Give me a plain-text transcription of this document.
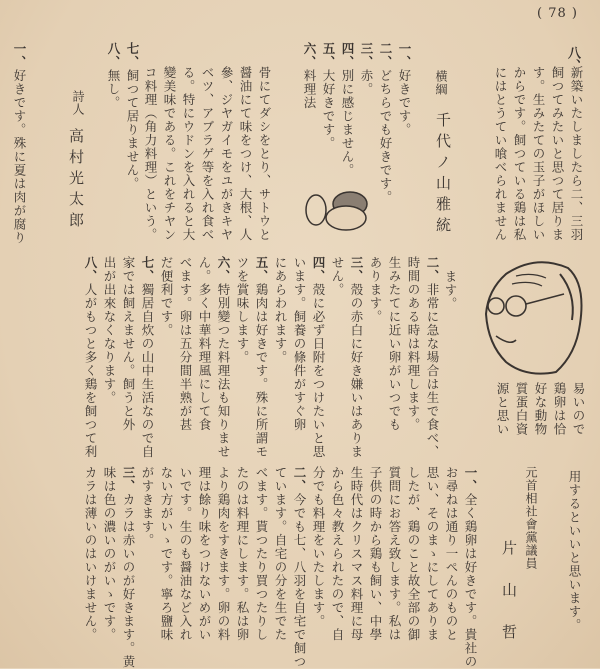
( 78 )
八、
新築いたしましたら二、三羽
飼つてみたいと思つて居りま
す。生みたての玉子がほしい
からです。飼つている鶏は私
にはとうてい喰べられません
横綱
千代ノ山雅統
一、好きです。
二、どちらでも好きです。
三、赤。
四、別に感じません。
五、大好きです。
六、料理法
骨にてダシをとり、サトウと
醤油にて味をつけ、大根、人
參、ジヤガイモをユがきキヤ
ベツ、アブラゲ等を入れ食べ
る。特にウドンを入れると大
變美味である。これをチヤン
コ料理（角力料理）という。
七、飼つて居りません。
八、無し。
詩人
高村光太郎
一、好きです。殊に夏は肉が腐り
易いので
鶏卵は恰
好な動物
質蛋白資
源と思い
ます。
二、非常に急な場合は生で食べ、
時間のある時は料理します。
生みたてに近い卵がいつでも
あります。
三、殼の赤白に好き嫌いはありま
せん。
四、殼に必ず日附をつけたいと思
います。飼養の條件がすぐ卵
にあらわれます。
五、鶏肉は好きです。殊に所謂モ
ツを賞味します。
六、特別變つた料理法も知りませ
ん。多く中華料理風にして食
べます。卵は五分間半熟が甚
だ便利です。
七、獨居自炊の山中生活なので自
家では飼えません。飼うと外
出が出來なくなります。
八、人がもつと多く鶏を飼つて利
用するといいと思います。
元首相社會黨議員
片　山　哲
一、全く鶏卵は好きです。貴社の
お尋ねは通り一ぺんのものと
思い、そのまゝにしてありま
したが、鶏のこと故全部の御
質問にお答え致します。私は
子供の時から鶏も飼い、中學
生時代はクリスマス料理に母
から色々教えられたので、自
分でも料理をいたします。
二、今でも七、八羽を自宅で飼つ
ています。自宅の分を生でた
べます。貰つたり買つたりし
たのは料理にします。私は卵
より鶏肉をすきます。卵の料
理は餘り味をつけないめがい
いです。生のも醤油など入れ
ない方がいゝです。寧ろ鹽味
がすきます。
三、カラは赤いのが好きます。黄
味は色の濃いのがいゝです。
カラは薄いのはいけません。
